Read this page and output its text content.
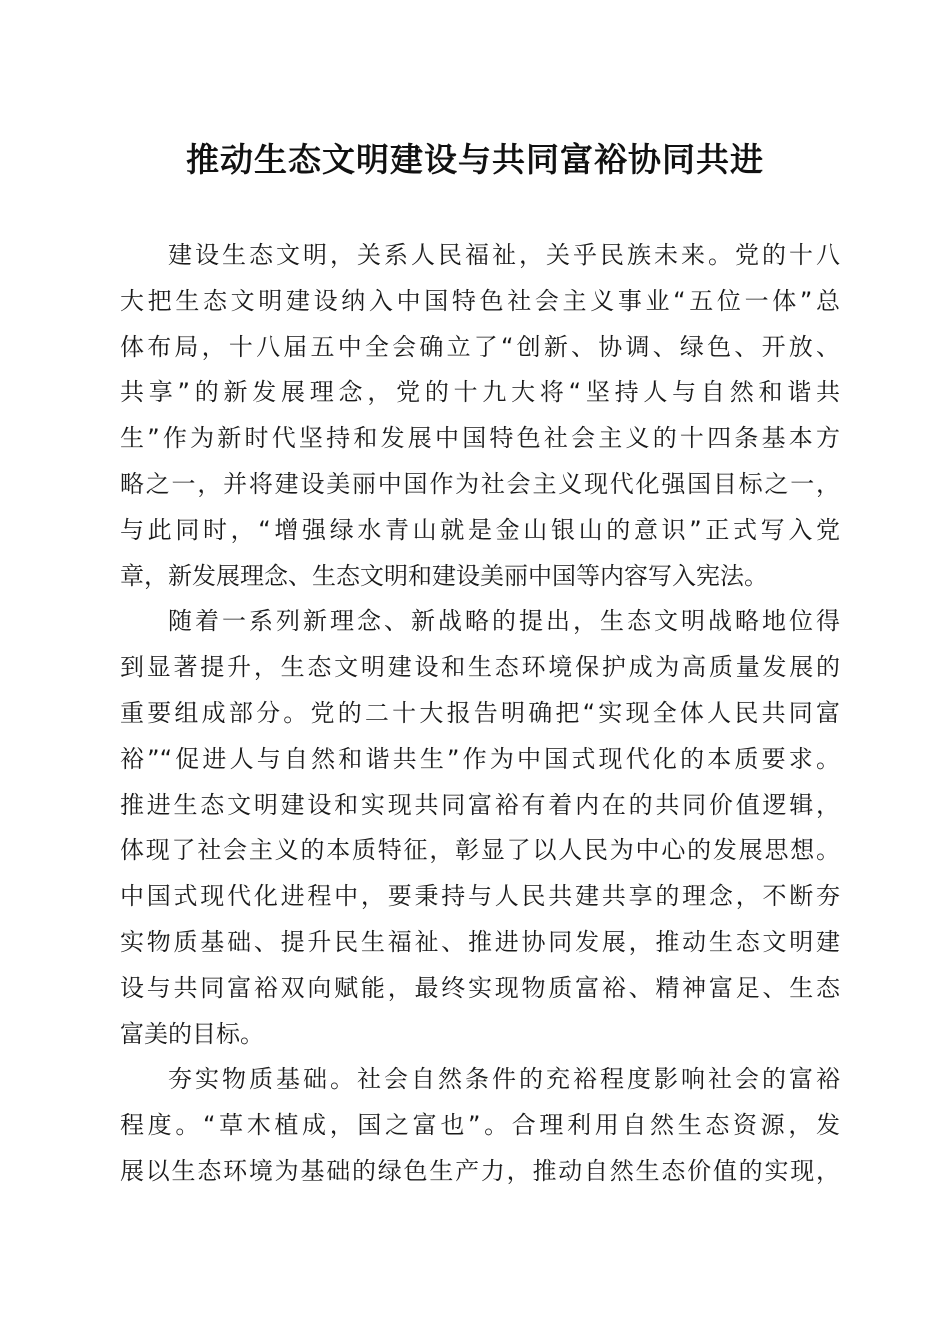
推动生态文明建设与共同富裕协同共进
建设生态文明，关系人民福祉，关乎民族未来。党的十八
大把生态文明建设纳入中国特色社会主义事业“五位一体”总
体布局，十八届五中全会确立了“创新、协调、绿色、开放、
共享”的新发展理念，党的十九大将“坚持人与自然和谐共
生”作为新时代坚持和发展中国特色社会主义的十四条基本方
略之一，并将建设美丽中国作为社会主义现代化强国目标之一，
与此同时，“增强绿水青山就是金山银山的意识”正式写入党
章，新发展理念、生态文明和建设美丽中国等内容写入宪法。
随着一系列新理念、新战略的提出，生态文明战略地位得
到显著提升，生态文明建设和生态环境保护成为高质量发展的
重要组成部分。党的二十大报告明确把“实现全体人民共同富
裕”“促进人与自然和谐共生”作为中国式现代化的本质要求。
推进生态文明建设和实现共同富裕有着内在的共同价值逻辑，
体现了社会主义的本质特征，彰显了以人民为中心的发展思想。
中国式现代化进程中，要秉持与人民共建共享的理念，不断夯
实物质基础、提升民生福祉、推进协同发展，推动生态文明建
设与共同富裕双向赋能，最终实现物质富裕、精神富足、生态
富美的目标。
夯实物质基础。社会自然条件的充裕程度影响社会的富裕
程度。“草木植成，国之富也”。合理利用自然生态资源，发
展以生态环境为基础的绿色生产力，推动自然生态价值的实现，
